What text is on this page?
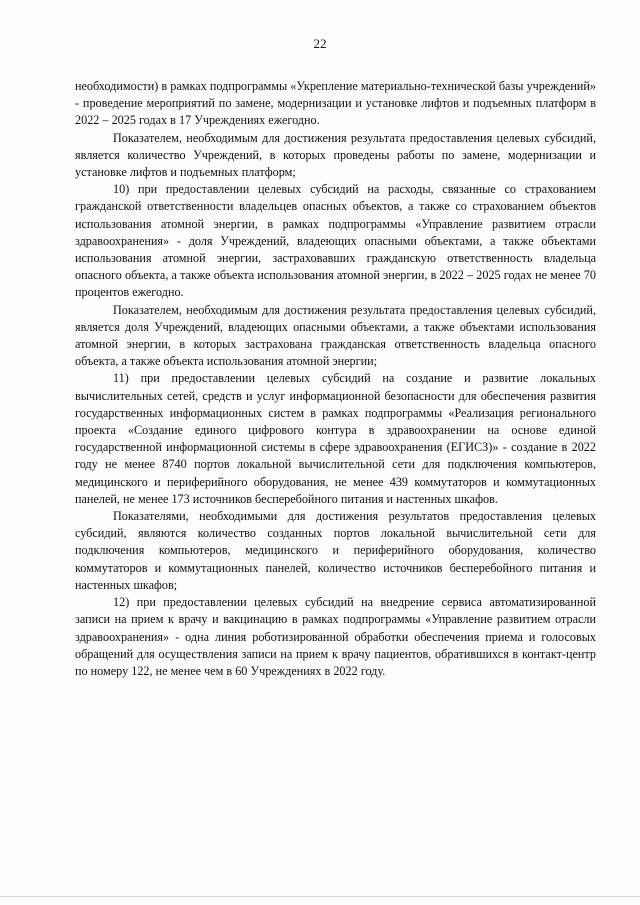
22

необходимости) в рамках подпрограммы «Укрепление материально-технической базы учреждений» - проведение мероприятий по замене, модернизации и установке лифтов и подъемных платформ в 2022 – 2025 годах в 17 Учреждениях ежегодно.

Показателем, необходимым для достижения результата предоставления целевых субсидий, является количество Учреждений, в которых проведены работы по замене, модернизации и установке лифтов и подъемных платформ;

10) при предоставлении целевых субсидий на расходы, связанные со страхованием гражданской ответственности владельцев опасных объектов, а также со страхованием объектов использования атомной энергии, в рамках подпрограммы «Управление развитием отрасли здравоохранения» - доля Учреждений, владеющих опасными объектами, а также объектами использования атомной энергии, застраховавших гражданскую ответственность владельца опасного объекта, а также объекта использования атомной энергии, в 2022 – 2025 годах не менее 70 процентов ежегодно.

Показателем, необходимым для достижения результата предоставления целевых субсидий, является доля Учреждений, владеющих опасными объектами, а также объектами использования атомной энергии, в которых застрахована гражданская ответственность владельца опасного объекта, а также объекта использования атомной энергии;

11) при предоставлении целевых субсидий на создание и развитие локальных вычислительных сетей, средств и услуг информационной безопасности для обеспечения развития государственных информационных систем в рамках подпрограммы «Реализация регионального проекта «Создание единого цифрового контура в здравоохранении на основе единой государственной информационной системы в сфере здравоохранения (ЕГИСЗ)» - создание в 2022 году не менее 8740 портов локальной вычислительной сети для подключения компьютеров, медицинского и периферийного оборудования, не менее 439 коммутаторов и коммутационных панелей, не менее 173 источников бесперебойного питания и настенных шкафов.

Показателями, необходимыми для достижения результатов предоставления целевых субсидий, являются количество созданных портов локальной вычислительной сети для подключения компьютеров, медицинского и периферийного оборудования, количество коммутаторов и коммутационных панелей, количество источников бесперебойного питания и настенных шкафов;

12) при предоставлении целевых субсидий на внедрение сервиса автоматизированной записи на прием к врачу и вакцинацию в рамках подпрограммы «Управление развитием отрасли здравоохранения» - одна линия роботизированной обработки обеспечения приема и голосовых обращений для осуществления записи на прием к врачу пациентов, обратившихся в контакт-центр по номеру 122, не менее чем в 60 Учреждениях в 2022 году.
